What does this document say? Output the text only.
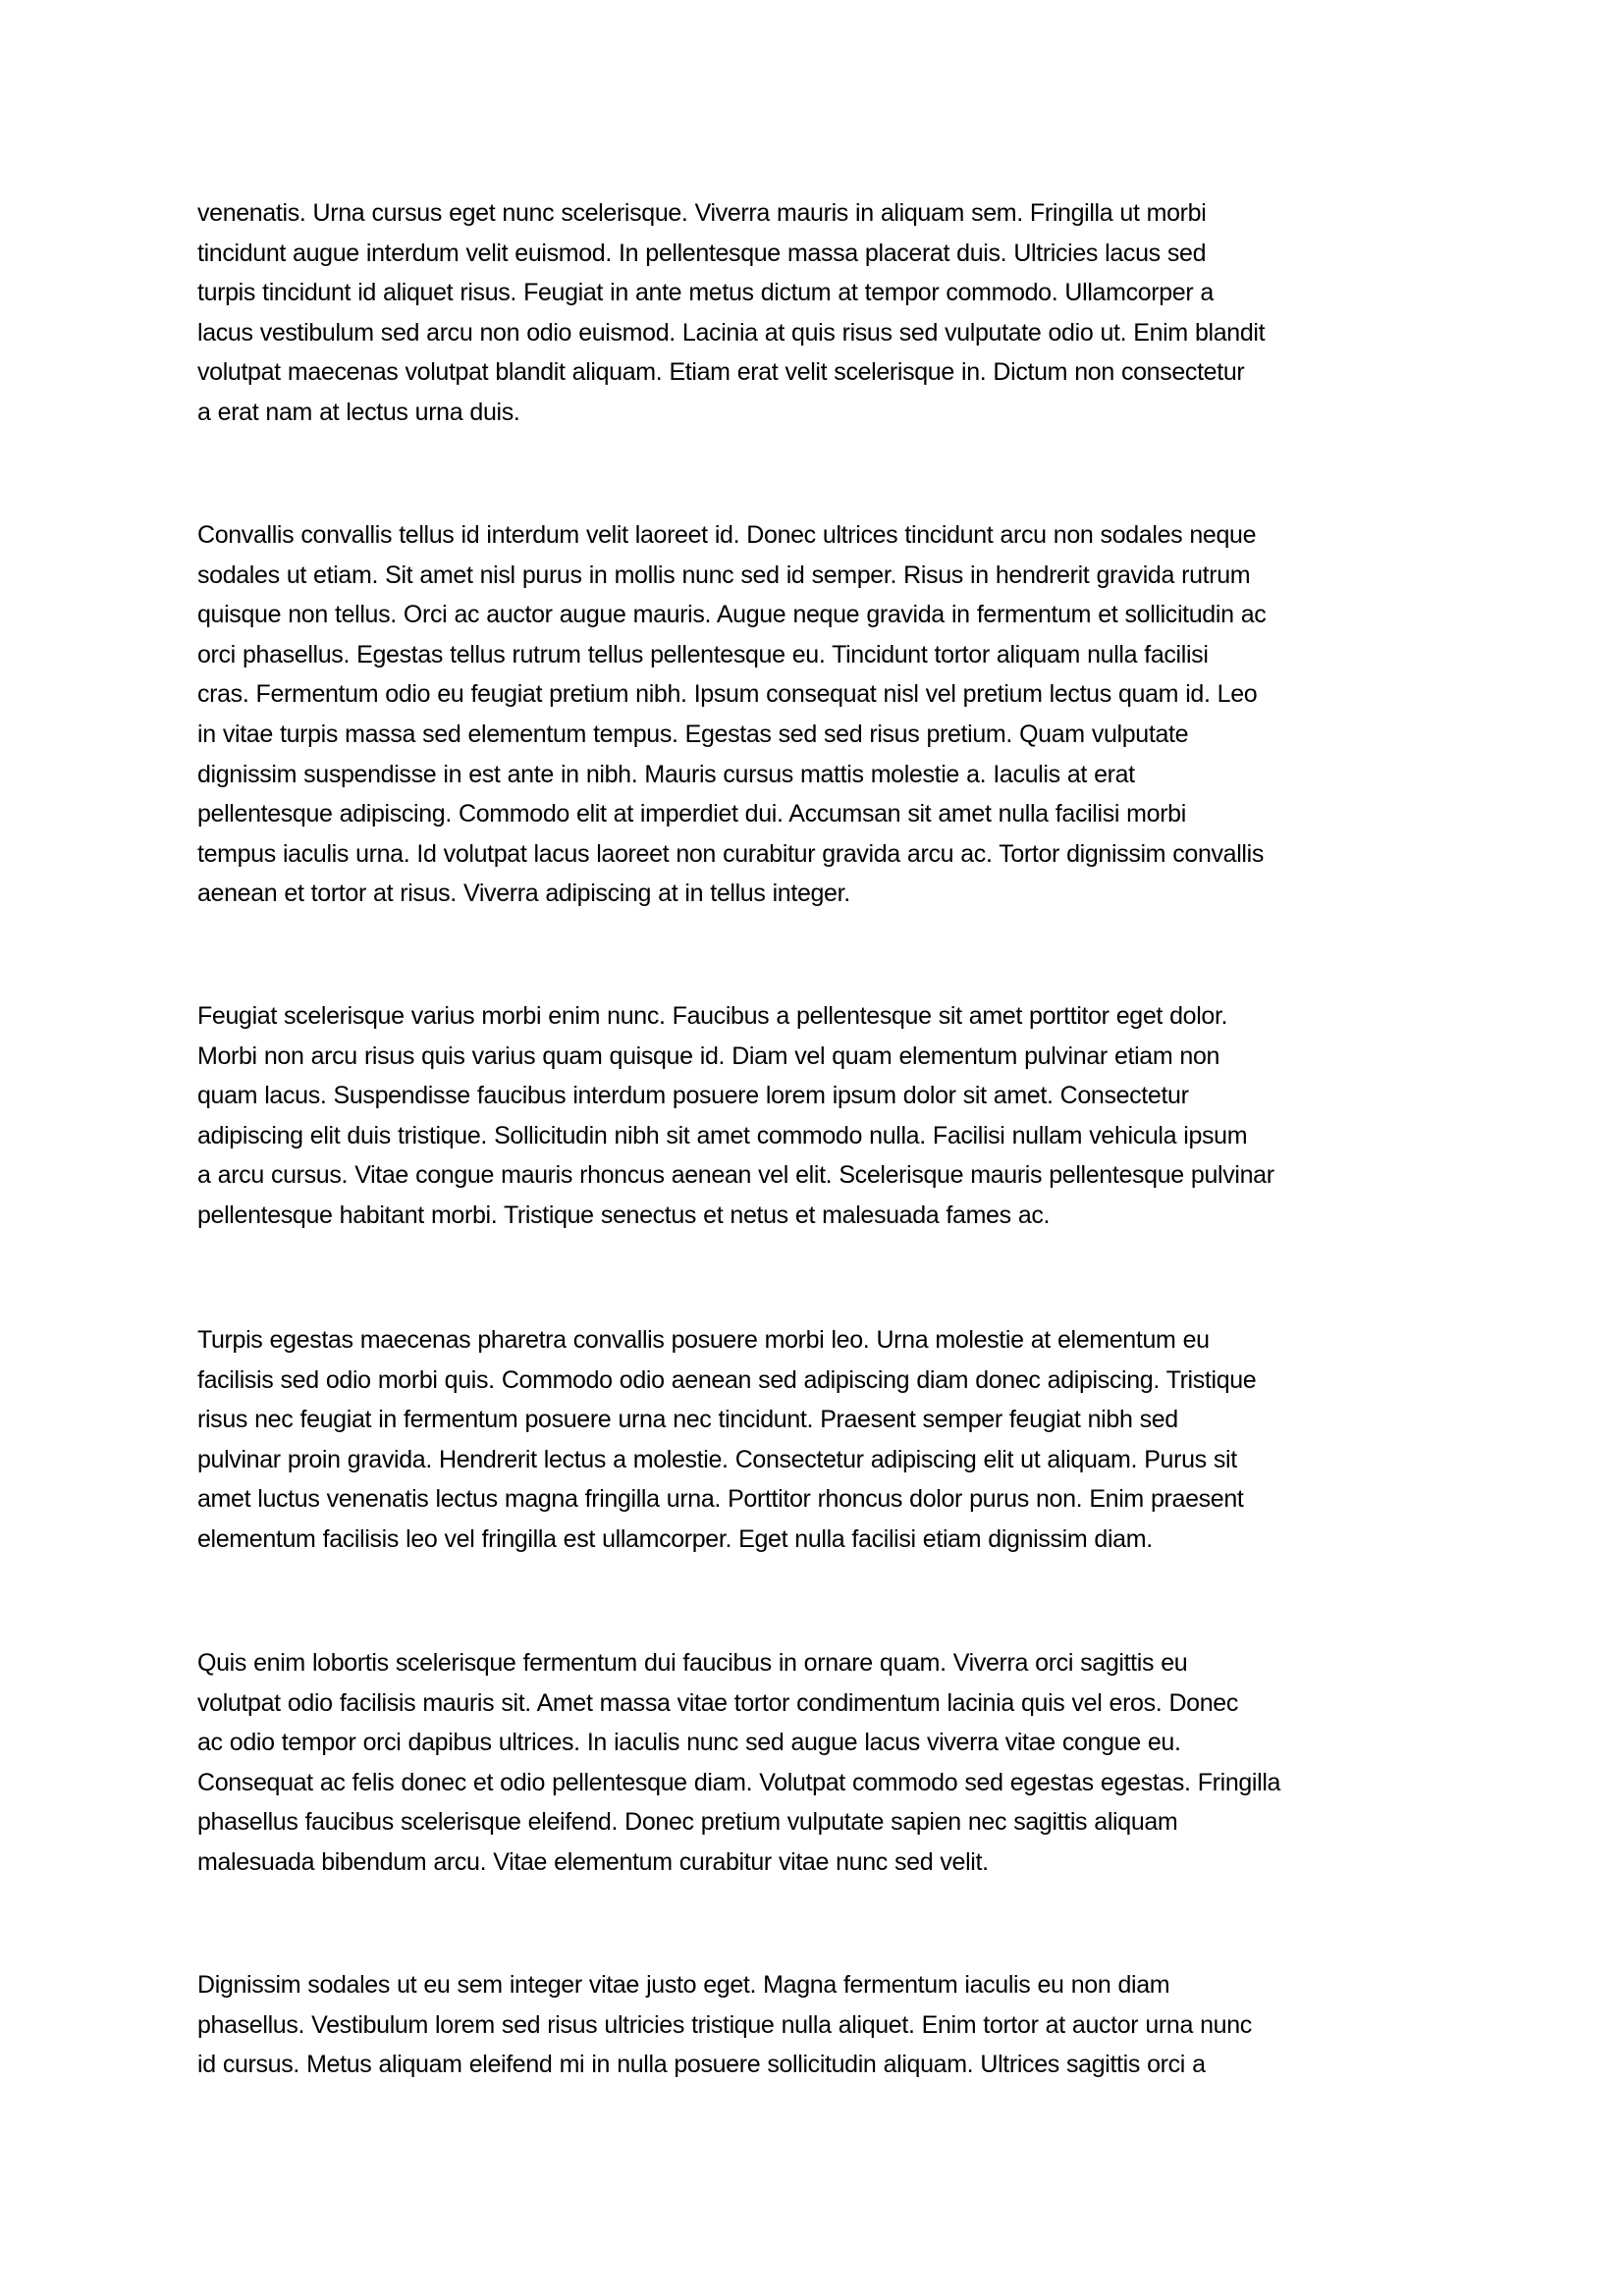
venenatis. Urna cursus eget nunc scelerisque. Viverra mauris in aliquam sem. Fringilla ut morbi
tincidunt augue interdum velit euismod. In pellentesque massa placerat duis. Ultricies lacus sed
turpis tincidunt id aliquet risus. Feugiat in ante metus dictum at tempor commodo. Ullamcorper a
lacus vestibulum sed arcu non odio euismod. Lacinia at quis risus sed vulputate odio ut. Enim blandit
volutpat maecenas volutpat blandit aliquam. Etiam erat velit scelerisque in. Dictum non consectetur
a erat nam at lectus urna duis.

Convallis convallis tellus id interdum velit laoreet id. Donec ultrices tincidunt arcu non sodales neque
sodales ut etiam. Sit amet nisl purus in mollis nunc sed id semper. Risus in hendrerit gravida rutrum
quisque non tellus. Orci ac auctor augue mauris. Augue neque gravida in fermentum et sollicitudin ac
orci phasellus. Egestas tellus rutrum tellus pellentesque eu. Tincidunt tortor aliquam nulla facilisi
cras. Fermentum odio eu feugiat pretium nibh. Ipsum consequat nisl vel pretium lectus quam id. Leo
in vitae turpis massa sed elementum tempus. Egestas sed sed risus pretium. Quam vulputate
dignissim suspendisse in est ante in nibh. Mauris cursus mattis molestie a. Iaculis at erat
pellentesque adipiscing. Commodo elit at imperdiet dui. Accumsan sit amet nulla facilisi morbi
tempus iaculis urna. Id volutpat lacus laoreet non curabitur gravida arcu ac. Tortor dignissim convallis
aenean et tortor at risus. Viverra adipiscing at in tellus integer.

Feugiat scelerisque varius morbi enim nunc. Faucibus a pellentesque sit amet porttitor eget dolor.
Morbi non arcu risus quis varius quam quisque id. Diam vel quam elementum pulvinar etiam non
quam lacus. Suspendisse faucibus interdum posuere lorem ipsum dolor sit amet. Consectetur
adipiscing elit duis tristique. Sollicitudin nibh sit amet commodo nulla. Facilisi nullam vehicula ipsum
a arcu cursus. Vitae congue mauris rhoncus aenean vel elit. Scelerisque mauris pellentesque pulvinar
pellentesque habitant morbi. Tristique senectus et netus et malesuada fames ac.

Turpis egestas maecenas pharetra convallis posuere morbi leo. Urna molestie at elementum eu
facilisis sed odio morbi quis. Commodo odio aenean sed adipiscing diam donec adipiscing. Tristique
risus nec feugiat in fermentum posuere urna nec tincidunt. Praesent semper feugiat nibh sed
pulvinar proin gravida. Hendrerit lectus a molestie. Consectetur adipiscing elit ut aliquam. Purus sit
amet luctus venenatis lectus magna fringilla urna. Porttitor rhoncus dolor purus non. Enim praesent
elementum facilisis leo vel fringilla est ullamcorper. Eget nulla facilisi etiam dignissim diam.

Quis enim lobortis scelerisque fermentum dui faucibus in ornare quam. Viverra orci sagittis eu
volutpat odio facilisis mauris sit. Amet massa vitae tortor condimentum lacinia quis vel eros. Donec
ac odio tempor orci dapibus ultrices. In iaculis nunc sed augue lacus viverra vitae congue eu.
Consequat ac felis donec et odio pellentesque diam. Volutpat commodo sed egestas egestas. Fringilla
phasellus faucibus scelerisque eleifend. Donec pretium vulputate sapien nec sagittis aliquam
malesuada bibendum arcu. Vitae elementum curabitur vitae nunc sed velit.

Dignissim sodales ut eu sem integer vitae justo eget. Magna fermentum iaculis eu non diam
phasellus. Vestibulum lorem sed risus ultricies tristique nulla aliquet. Enim tortor at auctor urna nunc
id cursus. Metus aliquam eleifend mi in nulla posuere sollicitudin aliquam. Ultrices sagittis orci a
